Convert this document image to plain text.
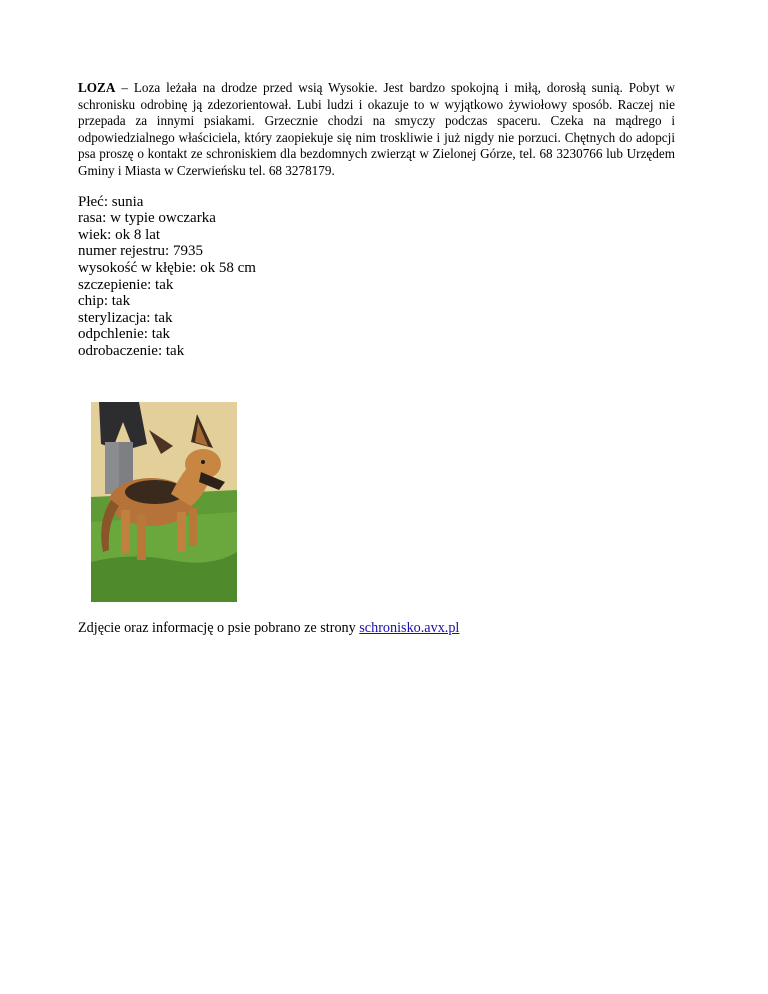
LOZA – Loza leżała na drodze przed wsią Wysokie. Jest bardzo spokojną i miłą, dorosłą sunią. Pobyt w schronisku odrobinę ją zdezorientował. Lubi ludzi i okazuje to w wyjątkowo żywiołowy sposób. Raczej nie przepada za innymi psiakami. Grzecznie chodzi na smyczy podczas spaceru. Czeka na mądrego i odpowiedzialnego właściciela, który zaopiekuje się nim troskliwie i już nigdy nie porzuci. Chętnych do adopcji psa proszę o kontakt ze schroniskiem dla bezdomnych zwierząt w Zielonej Górze, tel. 68 3230766 lub Urzędem Gminy i Miasta w Czerwieńsku tel. 68 3278179.

Płeć: sunia
rasa: w typie owczarka
wiek: ok 8 lat
numer rejestru: 7935
wysokość w kłębie: ok 58 cm
szczepienie: tak
chip: tak
sterylizacja: tak
odpchlenie: tak
odrobaczenie: tak
Zdjęcie oraz informację o psie pobrano ze strony schronisko.avx.pl
